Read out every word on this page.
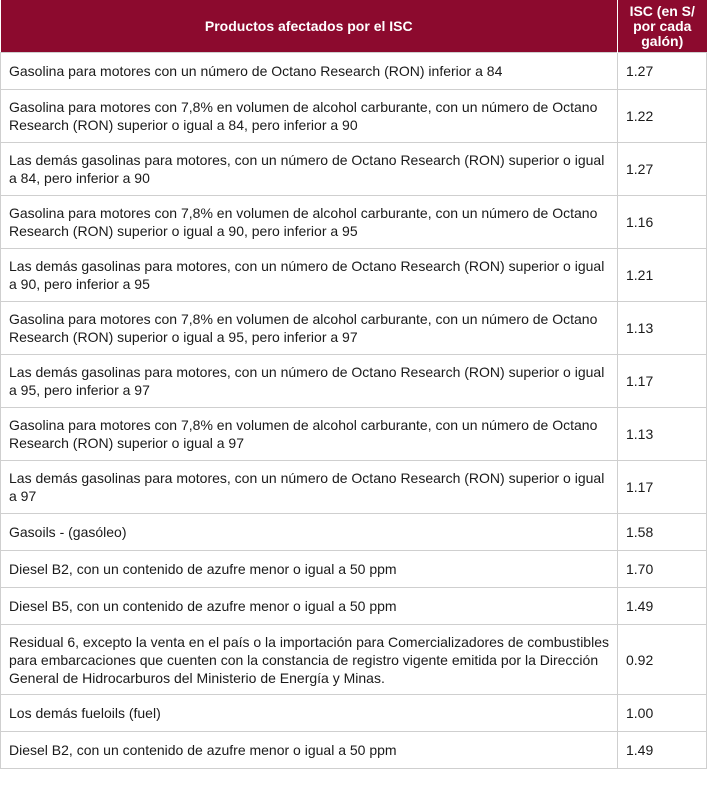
Productos afectados por el ISC	ISC (en S/ por cada galón)
Gasolina para motores con un número de Octano Research (RON) inferior a 84	1.27
Gasolina para motores con 7,8% en volumen de alcohol carburante, con un número de Octano Research (RON) superior o igual a 84, pero inferior a 90	1.22
Las demás gasolinas para motores, con un número de Octano Research (RON) superior o igual a 84, pero inferior a 90	1.27
Gasolina para motores con 7,8% en volumen de alcohol carburante, con un número de Octano Research (RON) superior o igual a 90, pero inferior a 95	1.16
Las demás gasolinas para motores, con un número de Octano Research (RON) superior o igual a 90, pero inferior a 95	1.21
Gasolina para motores con 7,8% en volumen de alcohol carburante, con un número de Octano Research (RON) superior o igual a 95, pero inferior a 97	1.13
Las demás gasolinas para motores, con un número de Octano Research (RON) superior o igual a 95, pero inferior a 97	1.17
Gasolina para motores con 7,8% en volumen de alcohol carburante, con un número de Octano Research (RON) superior o igual a 97	1.13
Las demás gasolinas para motores, con un número de Octano Research (RON) superior o igual a 97	1.17
Gasoils - (gasóleo)	1.58
Diesel B2, con un contenido de azufre menor o igual a 50 ppm	1.70
Diesel B5, con un contenido de azufre menor o igual a 50 ppm	1.49
Residual 6, excepto la venta en el país o la importación para Comercializadores de combustibles para embarcaciones que cuenten con la constancia de registro vigente emitida por la Dirección General de Hidrocarburos del Ministerio de Energía y Minas.	0.92
Los demás fueloils (fuel)	1.00
Diesel B2, con un contenido de azufre menor o igual a 50 ppm	1.49
